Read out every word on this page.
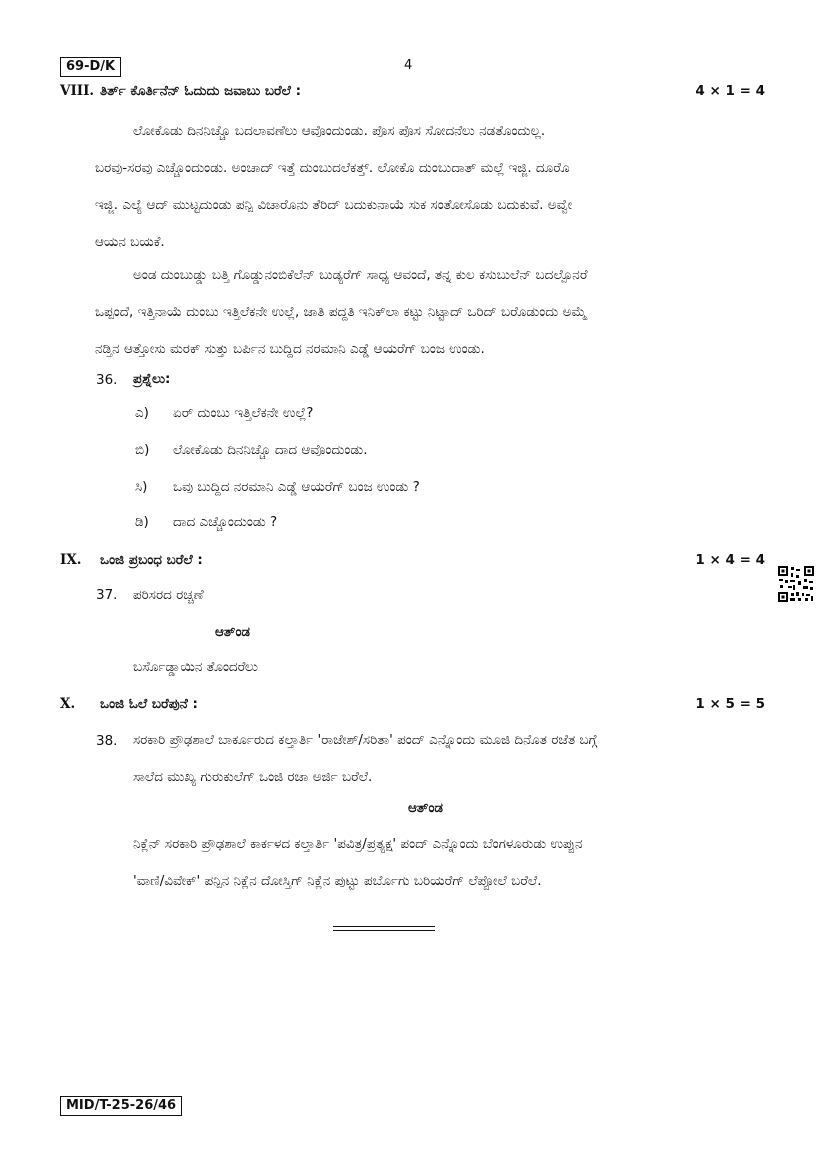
69-D/K	4
VIII. ತಿರ್ತ್ ಕೊರ್ತಿನೆನ್ ಓದುದು ಜವಾಬು ಬರೆಲೆ :	4 × 1 = 4
ಲೋಕೊಡು ದಿನನಿಚ್ಚೊ ಬದಲಾವಣೆಲು ಆವೊಂದುಂಡು. ಪೊಸ ಪೊಸ ಸೋದನೆಲು ನಡತೊಂದುಲ್ಲ.
ಬರವು-ಸರವು ಎಚ್ಚೊಂದುಂಡು. ಅಂಚಾದ್ ಇತ್ತೆ ದುಂಬುದಲೆಕತ್ತ್. ಲೋಕೊ ದುಂಬುದಾತ್ ಮಲ್ಲೆ ಇಜ್ಜಿ. ದೂರೊ
ಇಜ್ಜಿ. ಎಲ್ಯೆ ಆದ್ ಮುಟ್ಟದುಂಡು ಪನ್ಪಿ ವಿಚಾರೊನು ತೆರಿದ್ ಬದುಕುನಾಯೆ ಸುಕ ಸಂತೋಸೊಡು ಬದುಕುವೆ. ಅವ್ವೇ
ಆಯನ ಬಯಕೆ.
ಅಂಡ ದುಂಬುಡ್ಡು ಬತ್ತಿ ಗೊಡ್ಡುನಂಬಿಕೆಲೆನ್ ಬುಡ್ಯರೆಗ್ ಸಾಧ್ಯ ಆವಂದೆ, ತನ್ನ ಕುಲ ಕಸುಬುಲೆನ್ ಬದಲ್ಪೊನರೆ
ಒಪ್ಪಂದೆ, ಇತ್ತಿನಾಯೆ ದುಂಬು ಇತ್ತಿಲೆಕನೇ ಉಲ್ಲೆ, ಜಾತಿ ಪದ್ದತಿ ಇನಿಕ್‌ಲಾ ಕಟ್ಟು ನಿಟ್ಟಾದ್ ಒರಿದ್ ಬರೊಡುಂದು ಅಮ್ಮೆ
ನಡ್ತಿನ ಆತ್ತೋಸು ಮರಕ್ ಸುತ್ತು ಬರ್ಪಿನ ಬುದ್ದಿದ ನರಮಾನಿ ಎಡ್ಡೆ ಆಯರೆಗ್ ಬಂಜ ಉಂಡು.
36. ಪ್ರಶ್ನೆಲು:
ಎ) ಏರ್ ದುಂಬು ಇತ್ತಿಲೆಕನೇ ಉಲ್ಲೆ?
ಬಿ) ಲೋಕೊಡು ದಿನನಿಚ್ಚೊ ದಾದ ಆವೊಂದುಂಡು.
ಸಿ) ಒವು ಬುದ್ದಿದ ನರಮಾನಿ ಎಡ್ಡೆ ಆಯರೆಗ್ ಬಂಜ ಉಂಡು ?
ಡಿ) ದಾದ ಎಚ್ಚೊಂದುಂಡು ?
IX. ಒಂಜಿ ಪ್ರಬಂಧ ಬರೆಲೆ :	1 × 4 = 4
37. ಪರಿಸರದ ರಚ್ಚಣೆ
ಆತ್ಂಡ
ಬರ್ಸೊಡ್ಡಾಯಿನ ತೊಂದರೆಲು
X. ಒಂಜಿ ಓಲೆ ಬರೆಪುನೆ :	1 × 5 = 5
38. ಸರಕಾರಿ ಪ್ರೌಢಶಾಲೆ ಬಾರ್ಕೂರುದ ಕಲ್ತಾರ್ತಿ 'ರಾಜೇಶ್/ಸರಿತಾ' ಪಂದ್ ಎನ್ನೊಂದು ಮೂಜಿ ದಿನೊತ ರಜೆತ ಬಗ್ಗೆ
ಸಾಲೆದ ಮುಖ್ಯ ಗುರುಕುಲೆಗ್ ಒಂಜಿ ರಜಾ ಅರ್ಜಿ ಬರೆಲೆ.
ಆತ್ಂಡ
ನಿಕ್ಲೆನ್ ಸರಕಾರಿ ಪ್ರೌಢಶಾಲೆ ಕಾರ್ಕಳದ ಕಲ್ತಾರ್ತಿ 'ಪವಿತ್ರ/ಪ್ರತ್ಯಕ್ಷ' ಪಂದ್ ಎನ್ನೊಂದು ಬೆಂಗಳೂರುಡು ಉಪ್ಪುನ
'ವಾಣಿ/ವಿವೇಕ್' ಪನ್ಪಿನ ನಿಕ್ಲೆನ ದೋಸ್ತಿಗ್ ನಿಕ್ಲೆನ ಪುಟ್ಟು ಪರ್ಬೊಗು ಬರಿಯರೆಗ್ ಲೆಪ್ಪೋಲೆ ಬರೆಲೆ.
MID/T-25-26/46
